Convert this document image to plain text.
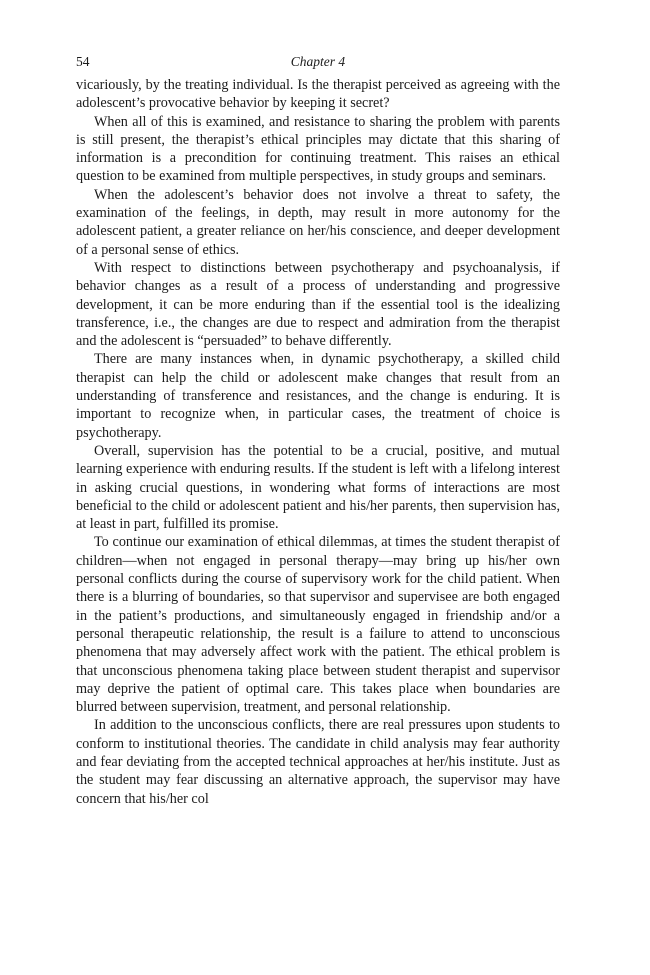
54	Chapter 4

vicariously, by the treating individual. Is the therapist perceived as agreeing with the adolescent’s provocative behavior by keeping it secret?

When all of this is examined, and resistance to sharing the problem with parents is still present, the therapist’s ethical principles may dictate that this sharing of information is a precondition for continuing treatment. This raises an ethical question to be examined from multiple perspectives, in study groups and seminars.

When the adolescent’s behavior does not involve a threat to safety, the examination of the feelings, in depth, may result in more autonomy for the adolescent patient, a greater reliance on her/his conscience, and deeper development of a personal sense of ethics.

With respect to distinctions between psychotherapy and psychoanalysis, if behavior changes as a result of a process of understanding and progressive development, it can be more enduring than if the essential tool is the idealizing transference, i.e., the changes are due to respect and admiration from the therapist and the adolescent is “persuaded” to behave differently.

There are many instances when, in dynamic psychotherapy, a skilled child therapist can help the child or adolescent make changes that result from an understanding of transference and resistances, and the change is enduring. It is important to recognize when, in particular cases, the treatment of choice is psychotherapy.

Overall, supervision has the potential to be a crucial, positive, and mutual learning experience with enduring results. If the student is left with a lifelong interest in asking crucial questions, in wondering what forms of interactions are most beneficial to the child or adolescent patient and his/her parents, then supervision has, at least in part, fulfilled its promise.

To continue our examination of ethical dilemmas, at times the student therapist of children—when not engaged in personal therapy—may bring up his/her own personal conflicts during the course of supervisory work for the child patient. When there is a blurring of boundaries, so that supervisor and supervisee are both engaged in the patient’s productions, and simultaneously engaged in friendship and/or a personal therapeutic relationship, the result is a failure to attend to unconscious phenomena that may adversely affect work with the patient. The ethical problem is that unconscious phenomena taking place between student therapist and supervisor may deprive the patient of optimal care. This takes place when boundaries are blurred between supervision, treatment, and personal relationship.

In addition to the unconscious conflicts, there are real pressures upon students to conform to institutional theories. The candidate in child analysis may fear authority and fear deviating from the accepted technical approaches at her/his institute. Just as the student may fear discussing an alternative approach, the supervisor may have concern that his/her col
